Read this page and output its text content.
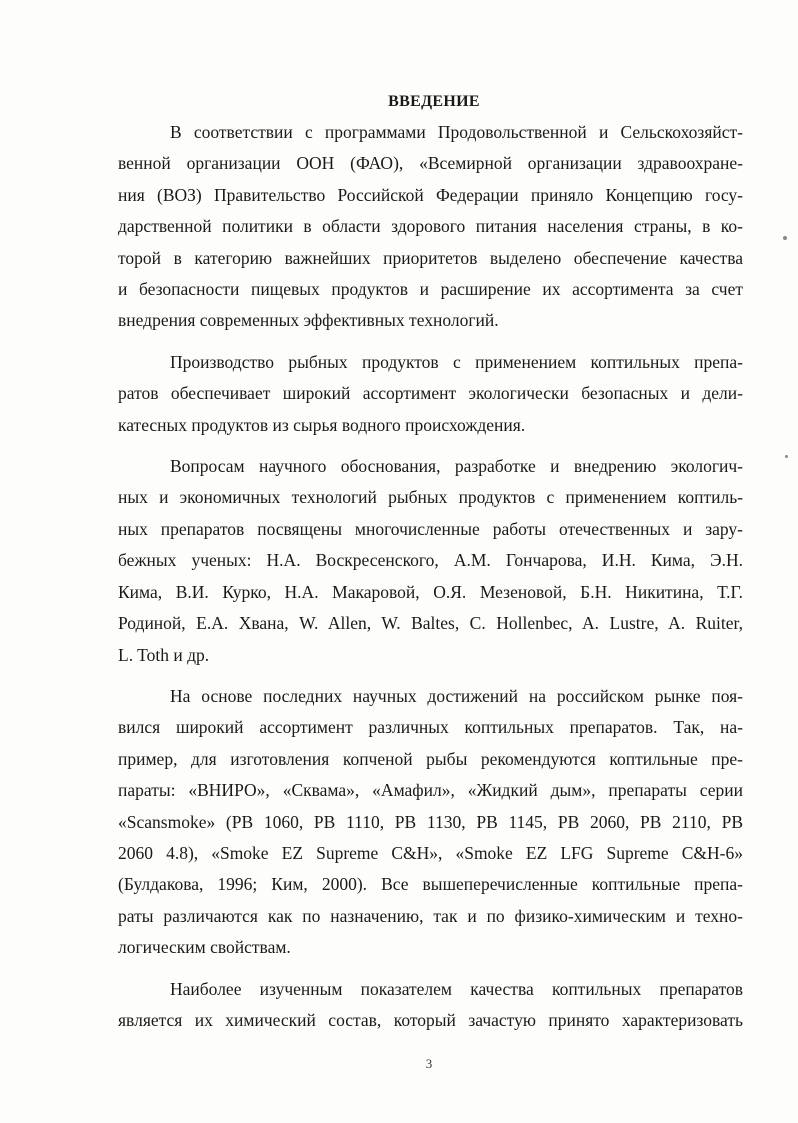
ВВЕДЕНИЕ

В соответствии с программами Продовольственной и Сельскохозяйст-
венной организации ООН (ФАО), «Всемирной организации здравоохране-
ния (ВОЗ) Правительство Российской Федерации приняло Концепцию госу-
дарственной политики в области здорового питания населения страны, в ко-
торой в категорию важнейших приоритетов выделено обеспечение качества
и безопасности пищевых продуктов и расширение их ассортимента за счет
внедрения современных эффективных технологий.

Производство рыбных продуктов с применением коптильных препа-
ратов обеспечивает широкий ассортимент экологически безопасных и дели-
катесных продуктов из сырья водного происхождения.

Вопросам научного обоснования, разработке и внедрению экологич-
ных и экономичных технологий рыбных продуктов с применением коптиль-
ных препаратов посвящены многочисленные работы отечественных и зару-
бежных ученых: Н.А. Воскресенского, А.М. Гончарова, И.Н. Кима, Э.Н.
Кима, В.И. Курко, Н.А. Макаровой, О.Я. Мезеновой, Б.Н. Никитина, Т.Г.
Родиной, Е.А. Хвана, W. Allen, W. Baltes, C. Hollenbec, A. Lustre, A. Ruiter,
L. Toth и др.

На основе последних научных достижений на российском рынке поя-
вился широкий ассортимент различных коптильных препаратов. Так, на-
пример, для изготовления копченой рыбы рекомендуются коптильные пре-
параты: «ВНИРО», «Сквама», «Амафил», «Жидкий дым», препараты серии
«Scansmoke» (PB 1060, PB 1110, PB 1130, PB 1145, PB 2060, PB 2110, PB
2060 4.8), «Smoke EZ Supreme C&H», «Smoke EZ LFG Supreme C&H-6»
(Булдакова, 1996; Ким, 2000). Все вышеперечисленные коптильные препа-
раты различаются как по назначению, так и по физико-химическим и техно-
логическим свойствам.

Наиболее изученным показателем качества коптильных препаратов
является их химический состав, который зачастую принято характеризовать

3
